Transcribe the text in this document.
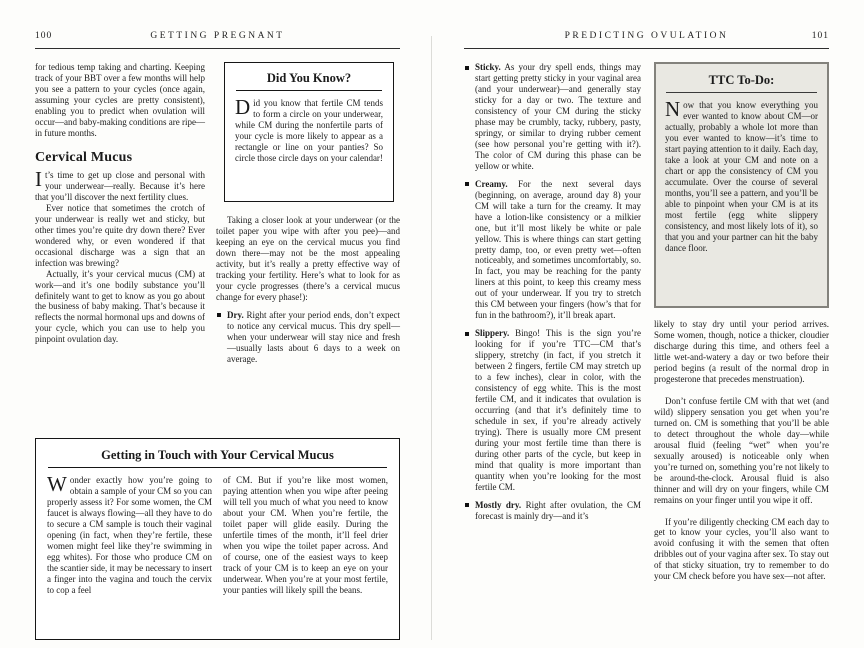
100	GETTING PREGNANT

for tedious temp taking and charting. Keeping track of your BBT over a few months will help you see a pattern to your cycles (once again, assuming your cycles are pretty consistent), enabling you to predict when ovulation will occur—and baby-making conditions are ripe—in future months.

Cervical Mucus

It’s time to get up close and personal with your underwear—really. Because it’s here that you’ll discover the next fertility clues.

Ever notice that sometimes the crotch of your underwear is really wet and sticky, but other times you’re quite dry down there? Ever wondered why, or even wondered if that occasional discharge was a sign that an infection was brewing?

Actually, it’s your cervical mucus (CM) at work—and it’s one bodily substance you’ll definitely want to get to know as you go about the business of baby making. That’s because it reflects the normal hormonal ups and downs of your cycle, which you can use to help you pinpoint ovulation day.

Did You Know?

Did you know that fertile CM tends to form a circle on your underwear, while CM during the nonfertile parts of your cycle is more likely to appear as a rectangle or line on your panties? So circle those circle days on your calendar!

Taking a closer look at your underwear (or the toilet paper you wipe with after you pee)—and keeping an eye on the cervical mucus you find down there—may not be the most appealing activity, but it’s really a pretty effective way of tracking your fertility. Here’s what to look for as your cycle progresses (there’s a cervical mucus change for every phase!):

Dry. Right after your period ends, don’t expect to notice any cervical mucus. This dry spell—when your underwear will stay nice and fresh—usually lasts about 6 days to a week on average.
Getting in Touch with Your Cervical Mucus

Wonder exactly how you’re going to obtain a sample of your CM so you can properly assess it? For some women, the CM faucet is always flowing—all they have to do to secure a CM sample is touch their vaginal opening (in fact, when they’re fertile, these women might feel like they’re swimming in egg whites). For those who produce CM on the scantier side, it may be necessary to insert a finger into the vagina and touch the cervix to cop a feel

of CM. But if you’re like most women, paying attention when you wipe after peeing will tell you much of what you need to know about your CM. When you’re fertile, the toilet paper will glide easily. During the unfertile times of the month, it’ll feel drier when you wipe the toilet paper across. And of course, one of the easiest ways to keep track of your CM is to keep an eye on your underwear. When you’re at your most fertile, your panties will likely spill the beans.

PREDICTING OVULATION	101
Sticky. As your dry spell ends, things may start getting pretty sticky in your vaginal area (and your underwear)—and generally stay sticky for a day or two. The texture and consistency of your CM during the sticky phase may be crumbly, tacky, rubbery, pasty, springy, or similar to drying rubber cement (see how personal you’re getting with it?). The color of CM during this phase can be yellow or white.
Creamy. For the next several days (beginning, on average, around day 8) your CM will take a turn for the creamy. It may have a lotion-like consistency or a milkier one, but it’ll most likely be white or pale yellow. This is where things can start getting pretty damp, too, or even pretty wet—often noticeably, and sometimes uncomfortably, so. In fact, you may be reaching for the panty liners at this point, to keep this creamy mess out of your underwear. If you try to stretch this CM between your fingers (how’s that for fun in the bathroom?), it’ll break apart.
Slippery. Bingo! This is the sign you’re looking for if you’re TTC—CM that’s slippery, stretchy (in fact, if you stretch it between 2 fingers, fertile CM may stretch up to a few inches), clear in color, with the consistency of egg white. This is the most fertile CM, and it indicates that ovulation is occurring (and that it’s definitely time to schedule in sex, if you’re already actively trying). There is usually more CM present during your most fertile time than there is during other parts of the cycle, but keep in mind that quality is more important than quantity when you’re looking for the most fertile CM.
Mostly dry. Right after ovulation, the CM forecast is mainly dry—and it’s
TTC To-Do:

Now that you know everything you ever wanted to know about CM—or actually, probably a whole lot more than you ever wanted to know—it’s time to start paying attention to it daily. Each day, take a look at your CM and note on a chart or app the consistency of CM you accumulate. Over the course of several months, you’ll see a pattern, and you’ll be able to pinpoint when your CM is at its most fertile (egg white slippery consistency, and most likely lots of it), so that you and your partner can hit the baby dance floor.

likely to stay dry until your period arrives. Some women, though, notice a thicker, cloudier discharge during this time, and others feel a little wet-and-watery a day or two before their period begins (a result of the normal drop in progesterone that precedes menstruation).

Don’t confuse fertile CM with that wet (and wild) slippery sensation you get when you’re turned on. CM is something that you’ll be able to detect throughout the whole day—while arousal fluid (feeling “wet” when you’re sexually aroused) is noticeable only when you’re turned on, something you’re not likely to be around-the-clock. Arousal fluid is also thinner and will dry on your fingers, while CM remains on your finger until you wipe it off.

If you’re diligently checking CM each day to get to know your cycles, you’ll also want to avoid confusing it with the semen that often dribbles out of your vagina after sex. To stay out of that sticky situation, try to remember to do your CM check before you have sex—not after.
